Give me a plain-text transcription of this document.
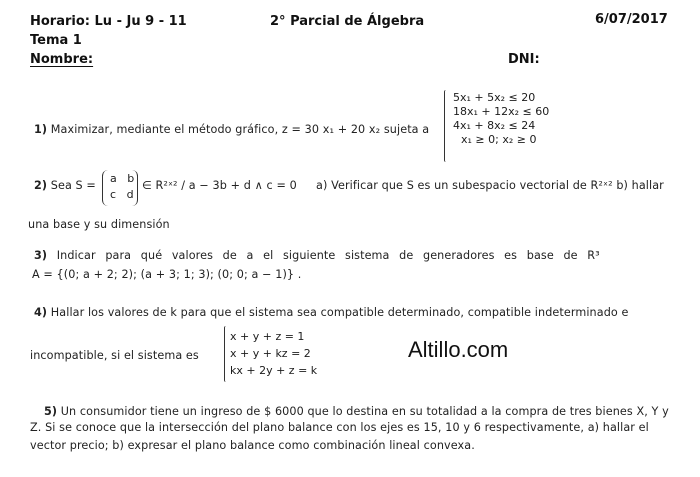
Horario: Lu - Ju 9 - 11	2° Parcial de Álgebra	6/07/2017
Tema 1
Nombre:	DNI:
1) Maximizar, mediante el método gráfico, z = 30 x₁ + 20 x₂ sujeta a
5x₁ + 5x₂ ≤ 20
18x₁ + 12x₂ ≤ 60
4x₁ + 8x₂ ≤ 24
x₁ ≥ 0; x₂ ≥ 0
2) Sea S =
a b
c d
∈ R²ˣ² / a − 3b + d ∧ c = 0 a) Verificar que S es un subespacio vectorial de R²ˣ² b) hallar
una base y su dimensión
3) Indicar para qué valores de a el siguiente sistema de generadores es base de R³
A = {(0; a + 2; 2); (a + 3; 1; 3); (0; 0; a − 1)} .
4) Hallar los valores de k para que el sistema sea compatible determinado, compatible indeterminado e
incompatible, si el sistema es
x + y + z = 1
x + y + kz = 2
kx + 2y + z = k
Altillo.com
5) Un consumidor tiene un ingreso de $ 6000 que lo destina en su totalidad a la compra de tres bienes X, Y y
Z. Si se conoce que la intersección del plano balance con los ejes es 15, 10 y 6 respectivamente, a) hallar el
vector precio; b) expresar el plano balance como combinación lineal convexa.
